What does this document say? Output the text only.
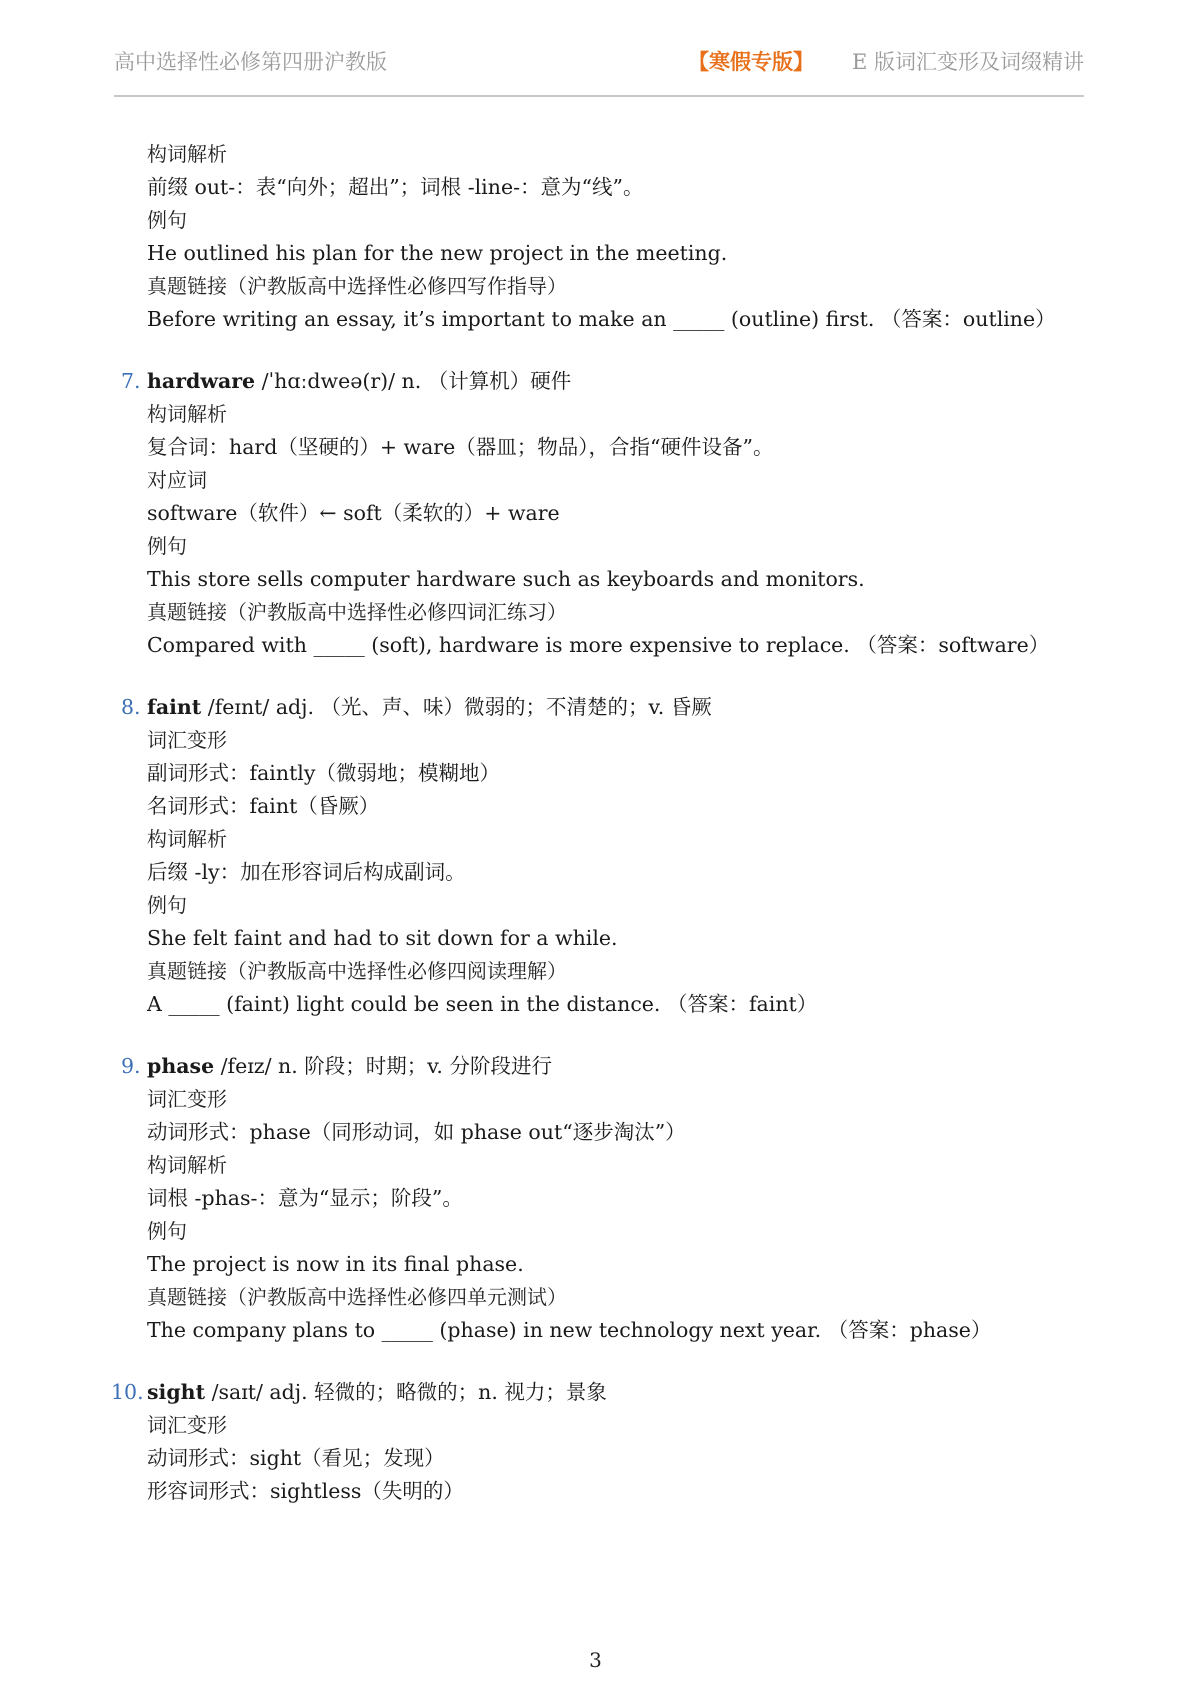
高中选择性必修第四册沪教版	【寒假专版】 E 版词汇变形及词缀精讲
构词解析
前缀 out-：表“向外；超出”；词根 -line-：意为“线”。
例句
He outlined his plan for the new project in the meeting.
真题链接（沪教版高中选择性必修四写作指导）
Before writing an essay, it’s important to make an _____ (outline) first. （答案：outline）
7. hardware /ˈhɑːdweə(r)/ n. （计算机）硬件
构词解析
复合词：hard（坚硬的）+ ware（器皿；物品），合指“硬件设备”。
对应词
software（软件）← soft（柔软的）+ ware
例句
This store sells computer hardware such as keyboards and monitors.
真题链接（沪教版高中选择性必修四词汇练习）
Compared with _____ (soft), hardware is more expensive to replace. （答案：software）
8. faint /feɪnt/ adj. （光、声、味）微弱的；不清楚的；v. 昏厥
词汇变形
副词形式：faintly（微弱地；模糊地）
名词形式：faint（昏厥）
构词解析
后缀 -ly：加在形容词后构成副词。
例句
She felt faint and had to sit down for a while.
真题链接（沪教版高中选择性必修四阅读理解）
A _____ (faint) light could be seen in the distance. （答案：faint）
9. phase /feɪz/ n. 阶段；时期；v. 分阶段进行
词汇变形
动词形式：phase（同形动词，如 phase out“逐步淘汰”）
构词解析
词根 -phas-：意为“显示；阶段”。
例句
The project is now in its final phase.
真题链接（沪教版高中选择性必修四单元测试）
The company plans to _____ (phase) in new technology next year. （答案：phase）
10. sight /saɪt/ adj. 轻微的；略微的；n. 视力；景象
词汇变形
动词形式：sight（看见；发现）
形容词形式：sightless（失明的）
3
